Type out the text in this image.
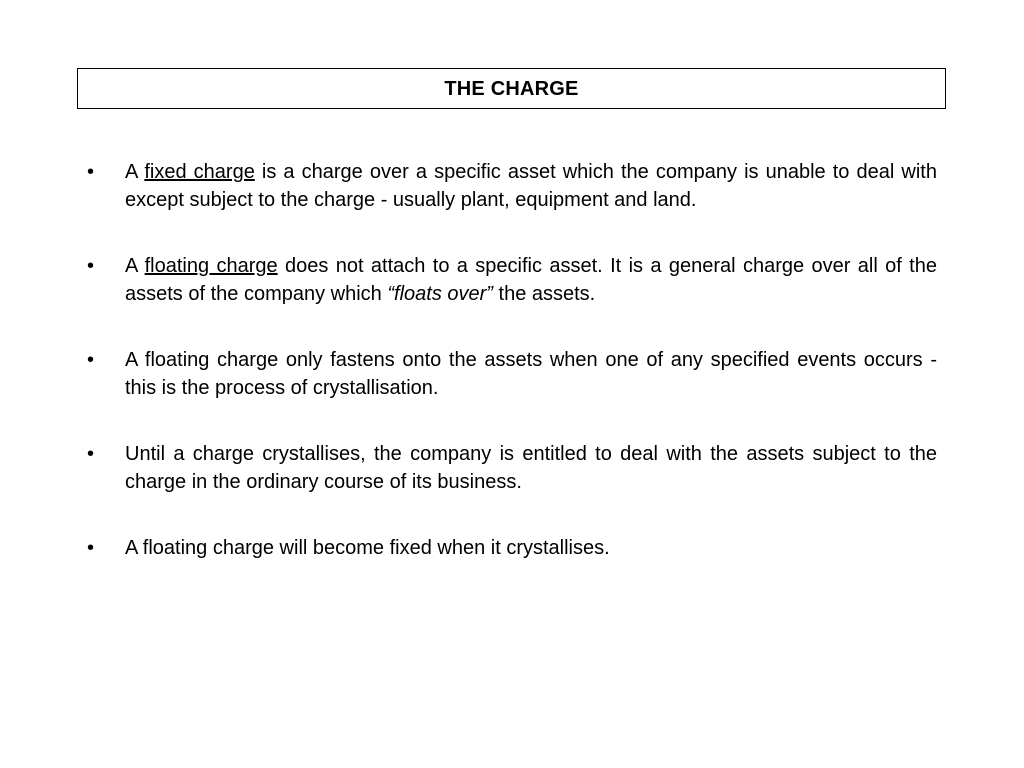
THE CHARGE
•	A fixed charge is a charge over a specific asset which the company is unable to deal with except subject to the charge - usually plant, equipment and land.
•	A floating charge does not attach to a specific asset. It is a general charge over all of the assets of the company which “floats over” the assets.
•	A floating charge only fastens onto the assets when one of any specified events occurs - this is the process of crystallisation.
•	Until a charge crystallises, the company is entitled to deal with the assets subject to the charge in the ordinary course of its business.
•	A floating charge will become fixed when it crystallises.
